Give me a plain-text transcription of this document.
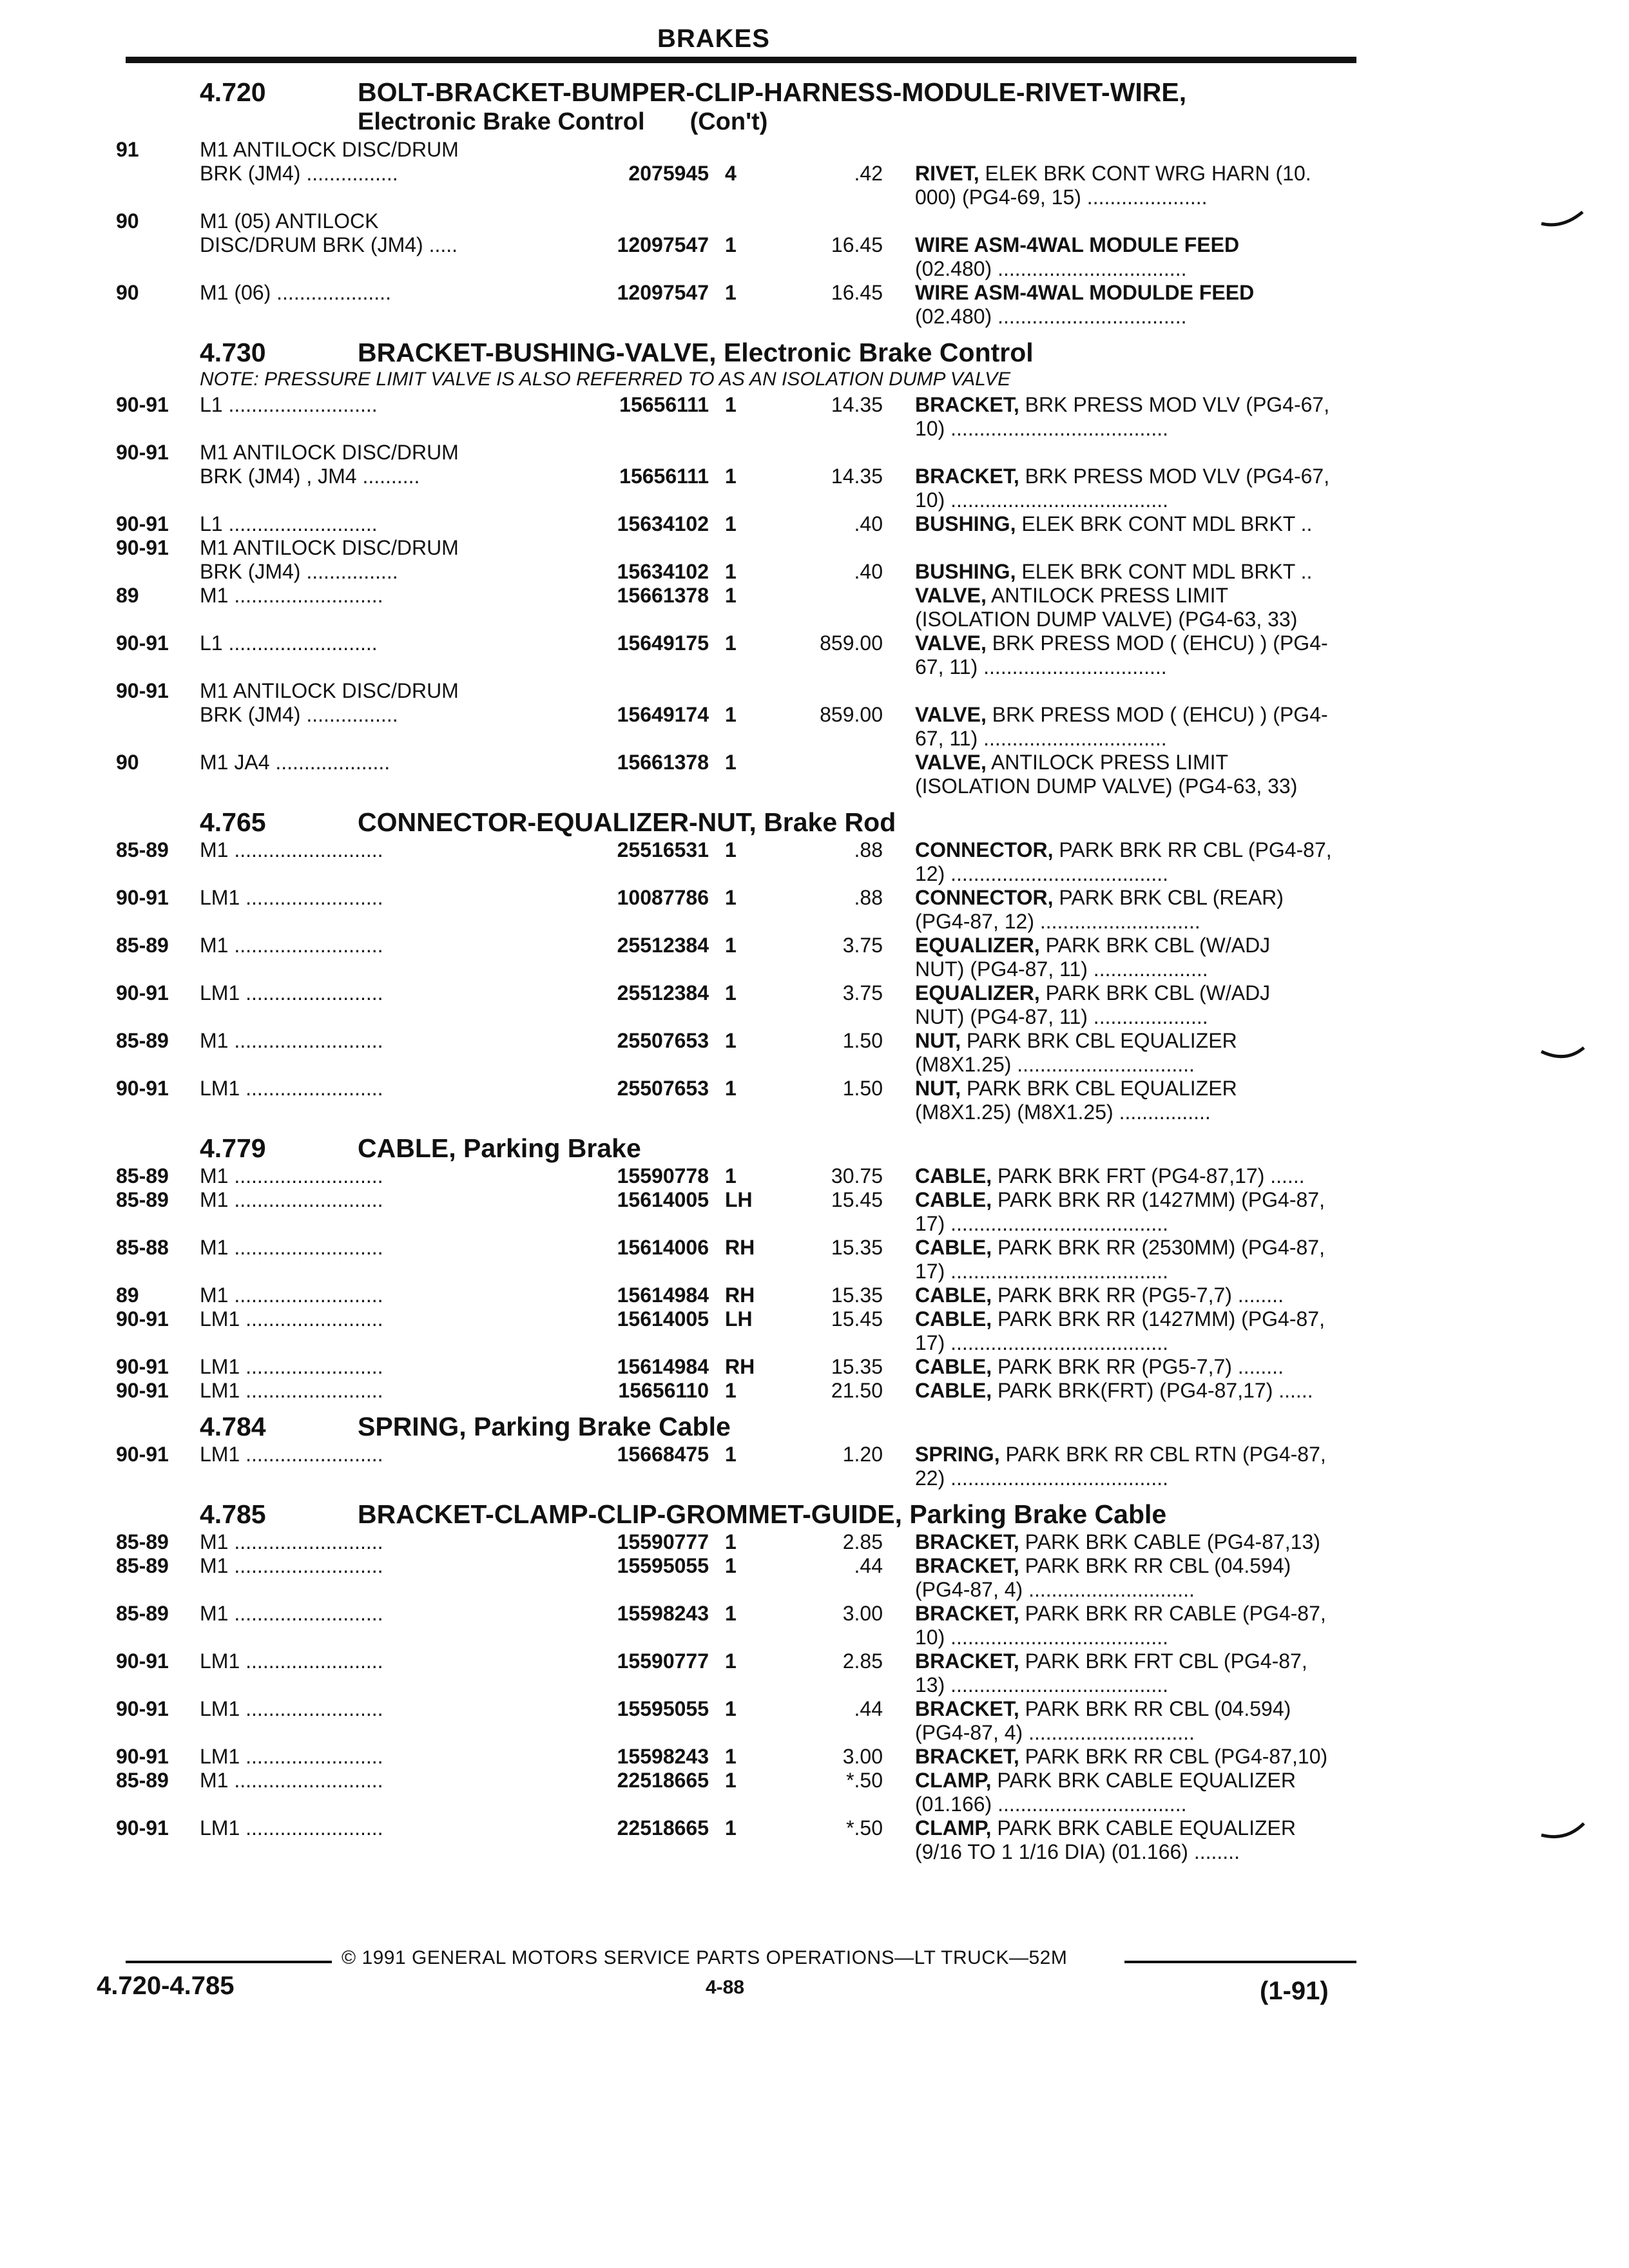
BRAKES
4.720	BOLT-BRACKET-BUMPER-CLIP-HARNESS-MODULE-RIVET-WIRE,
Electronic Brake Control (Con't)
91	M1 ANTILOCK DISC/DRUM
BRK (JM4) ................	2075945 4	.42 RIVET, ELEK BRK CONT WRG HARN (10.
000) (PG4-69, 15) .....................
90	M1 (05) ANTILOCK
DISC/DRUM BRK (JM4) .....	12097547 1	16.45 WIRE ASM-4WAL MODULE FEED
(02.480) .................................
90	M1 (06) ....................	12097547 1	16.45 WIRE ASM-4WAL MODULDE FEED
(02.480) .................................
4.730	BRACKET-BUSHING-VALVE, Electronic Brake Control
NOTE: PRESSURE LIMIT VALVE IS ALSO REFERRED TO AS AN ISOLATION DUMP VALVE
90-91	L1 ..........................	15656111 1	14.35 BRACKET, BRK PRESS MOD VLV (PG4-67,
10) ......................................
90-91	M1 ANTILOCK DISC/DRUM
BRK (JM4) , JM4 ..........	15656111 1	14.35 BRACKET, BRK PRESS MOD VLV (PG4-67,
10) ......................................
90-91	L1 ..........................	15634102 1	.40 BUSHING, ELEK BRK CONT MDL BRKT ..
90-91	M1 ANTILOCK DISC/DRUM
BRK (JM4) ................	15634102 1	.40 BUSHING, ELEK BRK CONT MDL BRKT ..
89	M1 ..........................	15661378 1	VALVE, ANTILOCK PRESS LIMIT
(ISOLATION DUMP VALVE) (PG4-63, 33)
90-91	L1 ..........................	15649175 1	859.00 VALVE, BRK PRESS MOD ( (EHCU) ) (PG4-
67, 11) ................................
90-91	M1 ANTILOCK DISC/DRUM
BRK (JM4) ................	15649174 1	859.00 VALVE, BRK PRESS MOD ( (EHCU) ) (PG4-
67, 11) ................................
90	M1 JA4 ....................	15661378 1	VALVE, ANTILOCK PRESS LIMIT
(ISOLATION DUMP VALVE) (PG4-63, 33)
4.765	CONNECTOR-EQUALIZER-NUT, Brake Rod
85-89	M1 ..........................	25516531 1	.88 CONNECTOR, PARK BRK RR CBL (PG4-87,
12) ......................................
90-91	LM1 ........................	10087786 1	.88 CONNECTOR, PARK BRK CBL (REAR)
(PG4-87, 12) ............................
85-89	M1 ..........................	25512384 1	3.75 EQUALIZER, PARK BRK CBL (W/ADJ
NUT) (PG4-87, 11) ....................
90-91	LM1 ........................	25512384 1	3.75 EQUALIZER, PARK BRK CBL (W/ADJ
NUT) (PG4-87, 11) ....................
85-89	M1 ..........................	25507653 1	1.50 NUT, PARK BRK CBL EQUALIZER
(M8X1.25) ...............................
90-91	LM1 ........................	25507653 1	1.50 NUT, PARK BRK CBL EQUALIZER
(M8X1.25) (M8X1.25) ................
4.779	CABLE, Parking Brake
85-89	M1 ..........................	15590778 1	30.75 CABLE, PARK BRK FRT (PG4-87,17) ......
85-89	M1 ..........................	15614005 LH	15.45 CABLE, PARK BRK RR (1427MM) (PG4-87,
17) ......................................
85-88	M1 ..........................	15614006 RH	15.35 CABLE, PARK BRK RR (2530MM) (PG4-87,
17) ......................................
89	M1 ..........................	15614984 RH	15.35 CABLE, PARK BRK RR (PG5-7,7) ........
90-91	LM1 ........................	15614005 LH	15.45 CABLE, PARK BRK RR (1427MM) (PG4-87,
17) ......................................
90-91	LM1 ........................	15614984 RH	15.35 CABLE, PARK BRK RR (PG5-7,7) ........
90-91	LM1 ........................	15656110 1	21.50 CABLE, PARK BRK(FRT) (PG4-87,17) ......
4.784	SPRING, Parking Brake Cable
90-91	LM1 ........................	15668475 1	1.20 SPRING, PARK BRK RR CBL RTN (PG4-87,
22) ......................................
4.785	BRACKET-CLAMP-CLIP-GROMMET-GUIDE, Parking Brake Cable
85-89	M1 ..........................	15590777 1	2.85 BRACKET, PARK BRK CABLE (PG4-87,13)
85-89	M1 ..........................	15595055 1	.44 BRACKET, PARK BRK RR CBL (04.594)
(PG4-87, 4) .............................
85-89	M1 ..........................	15598243 1	3.00 BRACKET, PARK BRK RR CABLE (PG4-87,
10) ......................................
90-91	LM1 ........................	15590777 1	2.85 BRACKET, PARK BRK FRT CBL (PG4-87,
13) ......................................
90-91	LM1 ........................	15595055 1	.44 BRACKET, PARK BRK RR CBL (04.594)
(PG4-87, 4) .............................
90-91	LM1 ........................	15598243 1	3.00 BRACKET, PARK BRK RR CBL (PG4-87,10)
85-89	M1 ..........................	22518665 1	*.50 CLAMP, PARK BRK CABLE EQUALIZER
(01.166) .................................
90-91	LM1 ........................	22518665 1	*.50 CLAMP, PARK BRK CABLE EQUALIZER
(9/16 TO 1 1/16 DIA) (01.166) ........
© 1991 GENERAL MOTORS SERVICE PARTS OPERATIONS—LT TRUCK—52M
4.720-4.785	4-88	(1-91)
